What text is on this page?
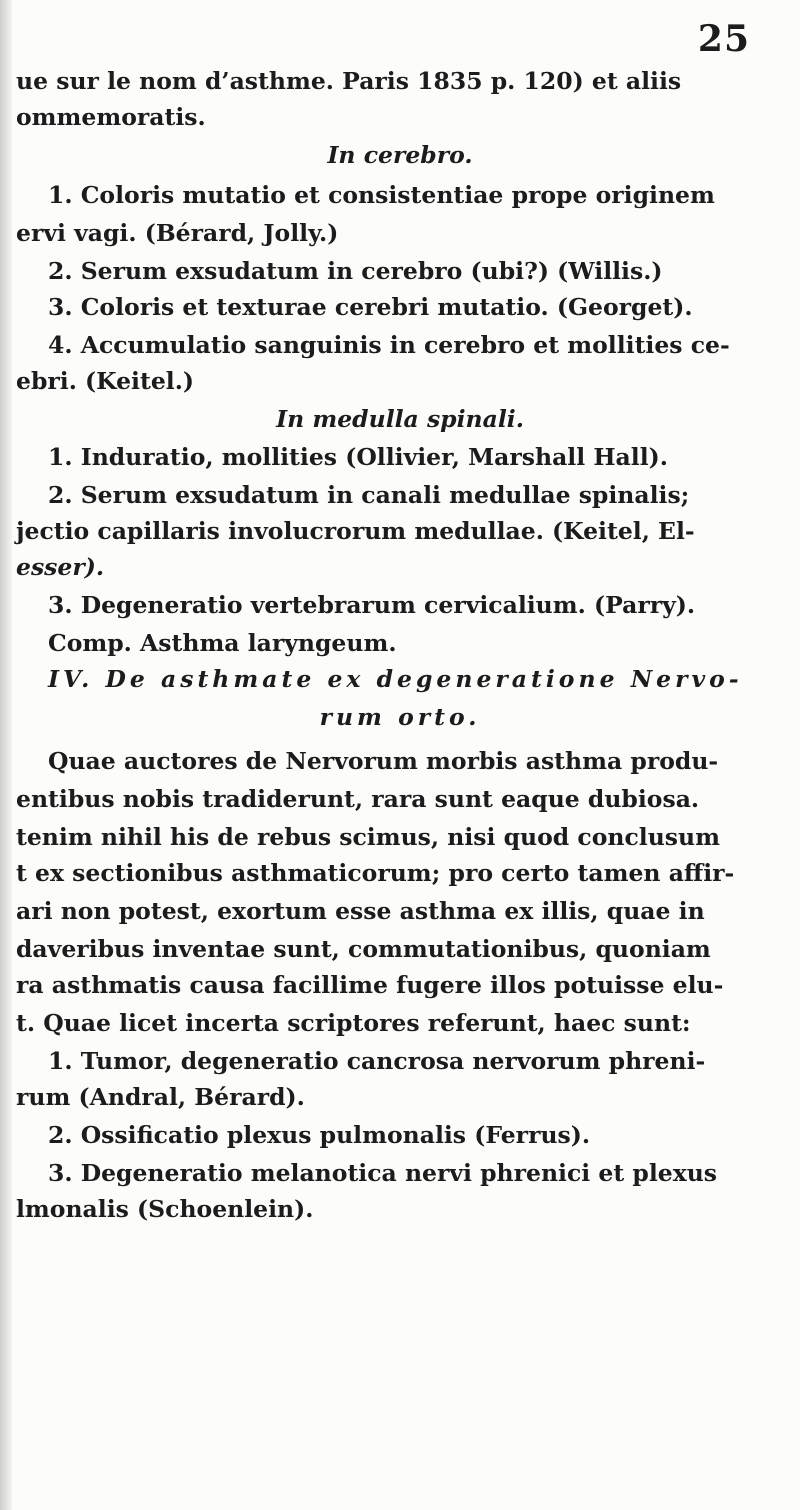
25
ue sur le nom d’asthme. Paris 1835 p. 120) et aliis
ommemoratis.
In cerebro.
1. Coloris mutatio et consistentiae prope originem
ervi vagi. (Bérard, Jolly.)
2. Serum exsudatum in cerebro (ubi?) (Willis.)
3. Coloris et texturae cerebri mutatio. (Georget).
4. Accumulatio sanguinis in cerebro et mollities ce-
ebri. (Keitel.)
In medulla spinali.
1. Induratio, mollities (Ollivier, Marshall Hall).
2. Serum exsudatum in canali medullae spinalis;
jectio capillaris involucrorum medullae. (Keitel, El-
esser).
3. Degeneratio vertebrarum cervicalium. (Parry).
Comp. Asthma laryngeum.
IV. De asthmate ex degeneratione Nervo-
rum orto.
Quae auctores de Nervorum morbis asthma produ-
entibus nobis tradiderunt, rara sunt eaque dubiosa.
tenim nihil his de rebus scimus, nisi quod conclusum
t ex sectionibus asthmaticorum; pro certo tamen affir-
ari non potest, exortum esse asthma ex illis, quae in
daveribus inventae sunt, commutationibus, quoniam
ra asthmatis causa facillime fugere illos potuisse elu-
t. Quae licet incerta scriptores referunt, haec sunt:
1. Tumor, degeneratio cancrosa nervorum phreni-
rum (Andral, Bérard).
2. Ossificatio plexus pulmonalis (Ferrus).
3. Degeneratio melanotica nervi phrenici et plexus
lmonalis (Schoenlein).
